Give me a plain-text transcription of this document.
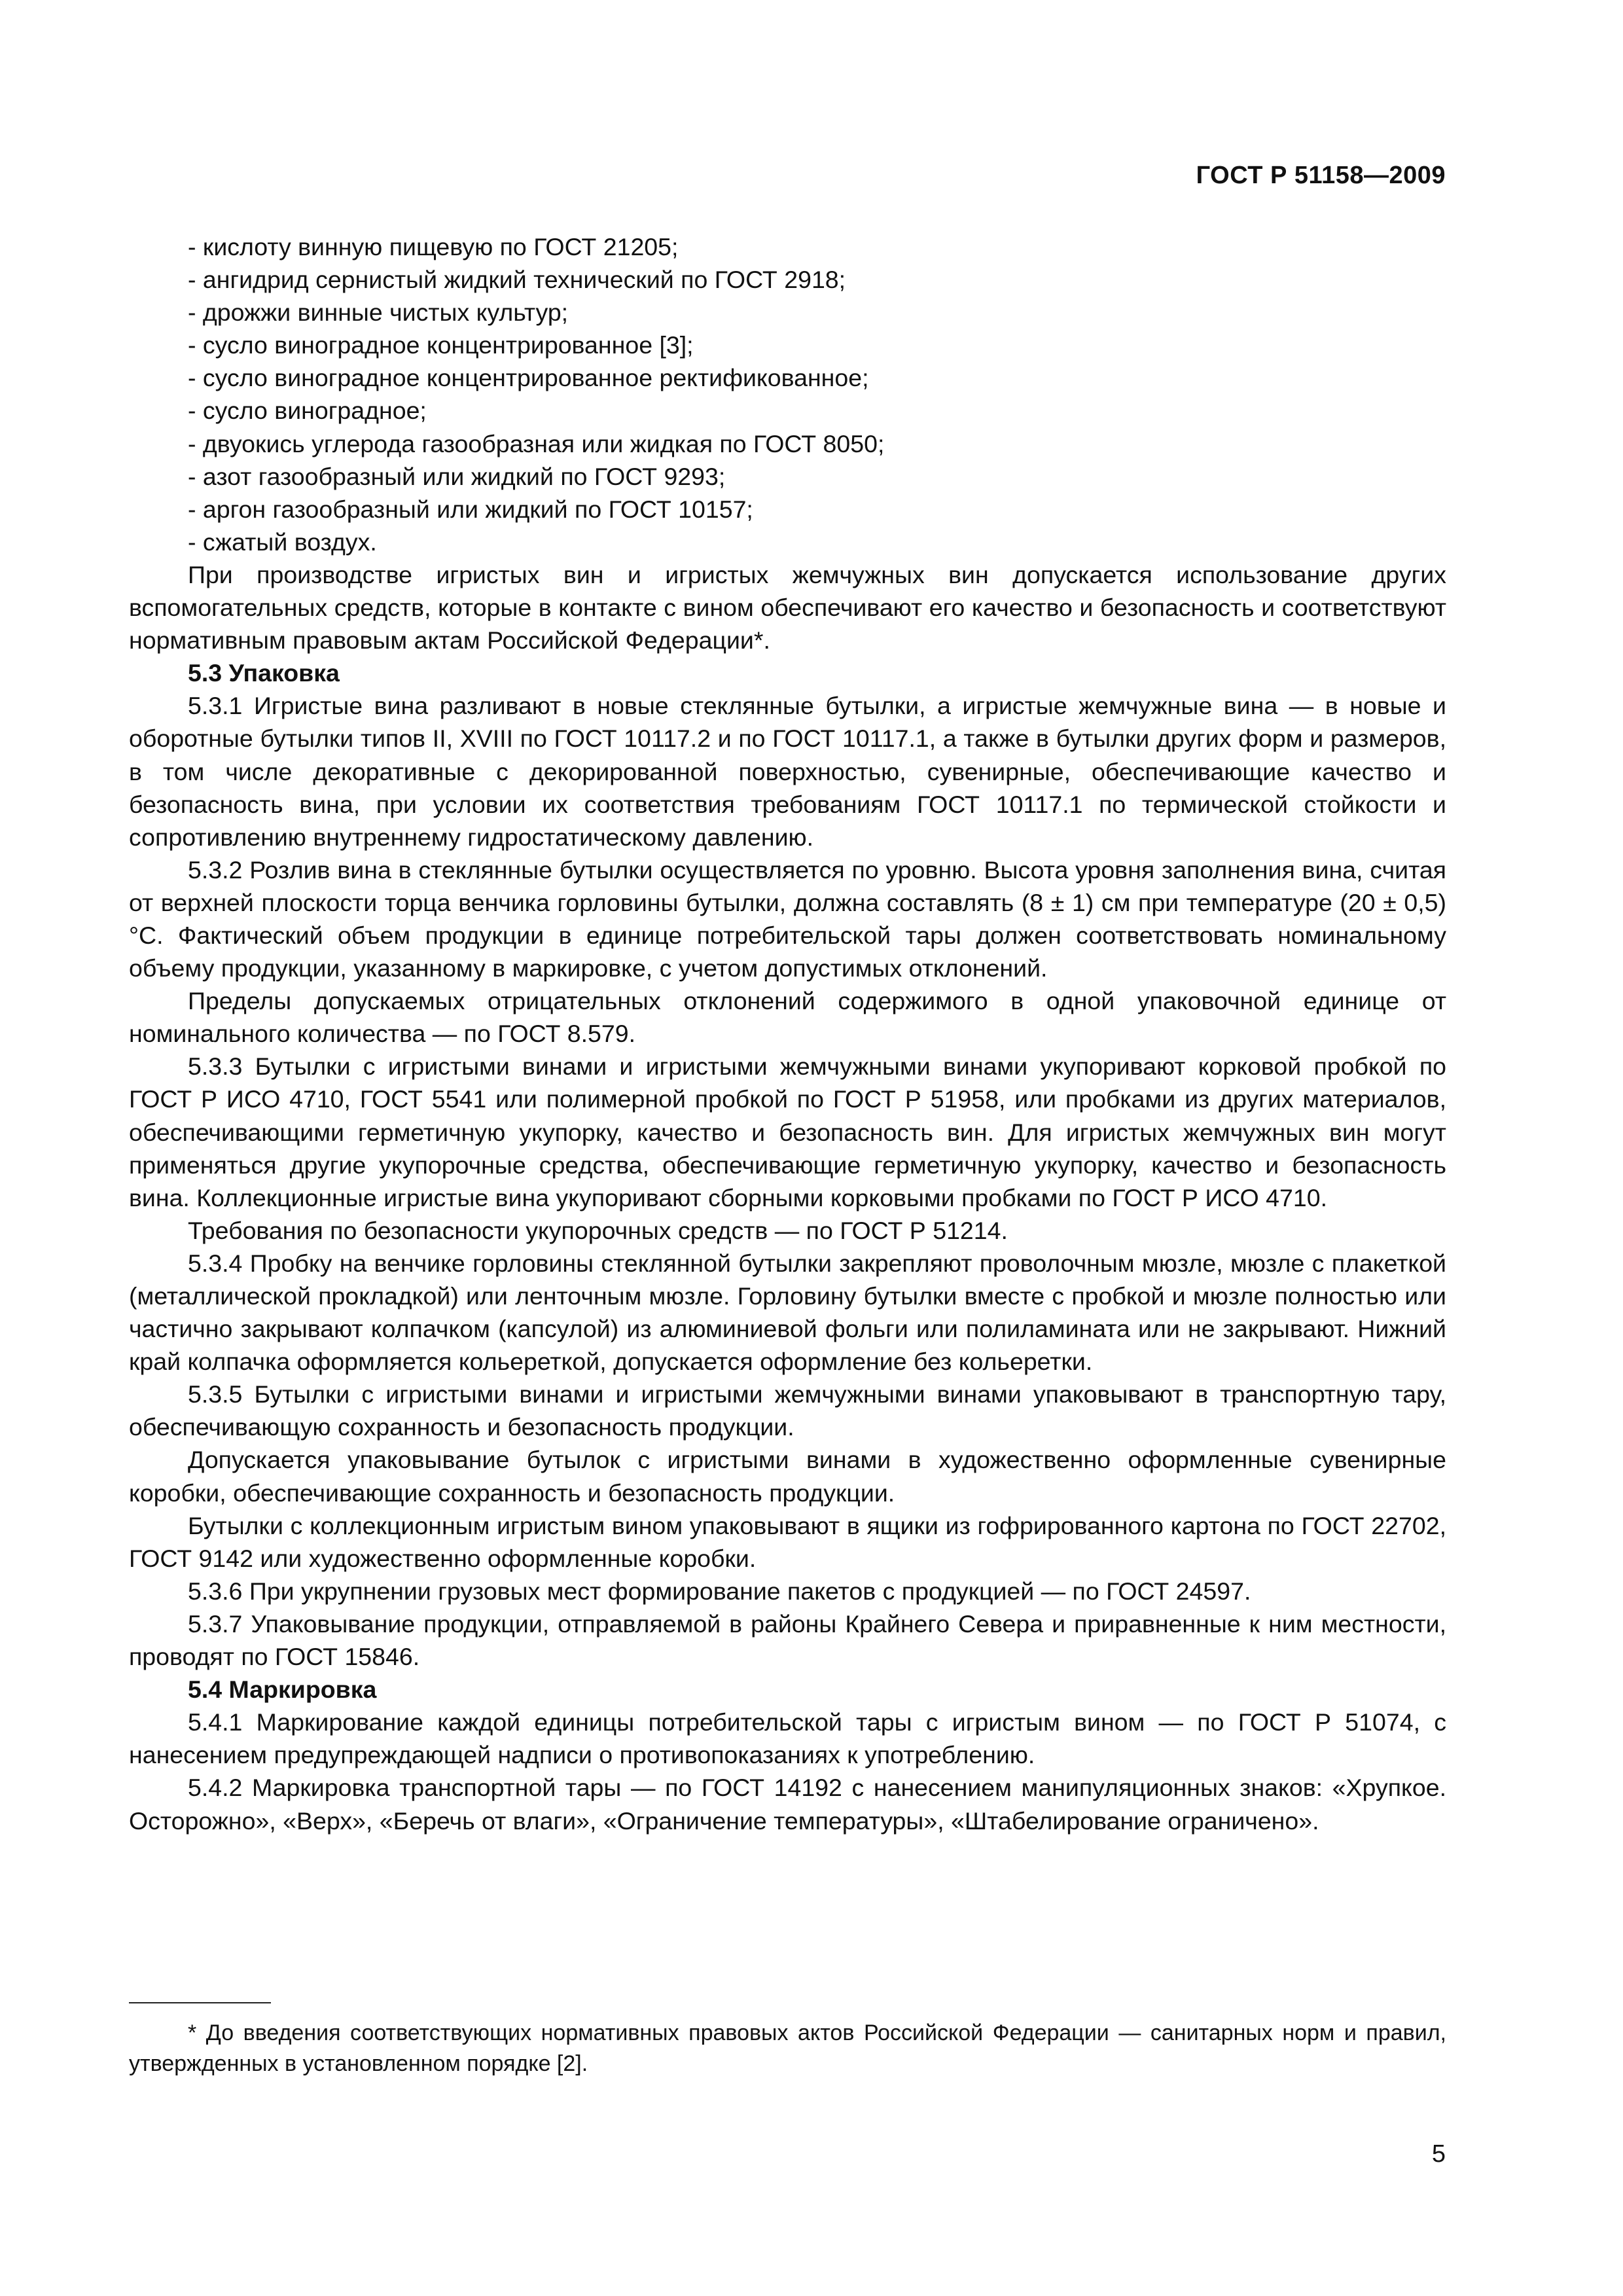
ГОСТ Р 51158—2009

- кислоту винную пищевую по ГОСТ 21205;

- ангидрид сернистый жидкий технический по ГОСТ 2918;

- дрожжи винные чистых культур;

- сусло виноградное концентрированное [3];

- сусло виноградное концентрированное ректификованное;

- сусло виноградное;

- двуокись углерода газообразная или жидкая по ГОСТ 8050;

- азот газообразный или жидкий по ГОСТ 9293;

- аргон газообразный или жидкий по ГОСТ 10157;

- сжатый воздух.

При производстве игристых вин и игристых жемчужных вин допускается использование других вспомогательных средств, которые в контакте с вином обеспечивают его качество и безопасность и соответствуют нормативным правовым актам Российской Федерации*.

5.3 Упаковка

5.3.1 Игристые вина разливают в новые стеклянные бутылки, а игристые жемчужные вина — в новые и оборотные бутылки типов II, XVIII по ГОСТ 10117.2 и по ГОСТ 10117.1, а также в бутылки других форм и размеров, в том числе декоративные с декорированной поверхностью, сувенирные, обеспечивающие качество и безопасность вина, при условии их соответствия требованиям ГОСТ 10117.1 по термической стойкости и сопротивлению внутреннему гидростатическому давлению.

5.3.2 Розлив вина в стеклянные бутылки осуществляется по уровню. Высота уровня заполнения вина, считая от верхней плоскости торца венчика горловины бутылки, должна составлять (8 ± 1) см при температуре (20 ± 0,5) °С. Фактический объем продукции в единице потребительской тары должен соответствовать номинальному объему продукции, указанному в маркировке, с учетом допустимых отклонений.

Пределы допускаемых отрицательных отклонений содержимого в одной упаковочной единице от номинального количества — по ГОСТ 8.579.

5.3.3 Бутылки с игристыми винами и игристыми жемчужными винами укупоривают корковой пробкой по ГОСТ Р ИСО 4710, ГОСТ 5541 или полимерной пробкой по ГОСТ Р 51958, или пробками из других материалов, обеспечивающими герметичную укупорку, качество и безопасность вин. Для игристых жемчужных вин могут применяться другие укупорочные средства, обеспечивающие герметичную укупорку, качество и безопасность вина. Коллекционные игристые вина укупоривают сборными корковыми пробками по ГОСТ Р ИСО 4710.

Требования по безопасности укупорочных средств — по ГОСТ Р 51214.

5.3.4 Пробку на венчике горловины стеклянной бутылки закрепляют проволочным мюзле, мюзле с плакеткой (металлической прокладкой) или ленточным мюзле. Горловину бутылки вместе с пробкой и мюзле полностью или частично закрывают колпачком (капсулой) из алюминиевой фольги или полиламината или не закрывают. Нижний край колпачка оформляется кольереткой, допускается оформление без кольеретки.

5.3.5 Бутылки с игристыми винами и игристыми жемчужными винами упаковывают в транспортную тару, обеспечивающую сохранность и безопасность продукции.

Допускается упаковывание бутылок с игристыми винами в художественно оформленные сувенирные коробки, обеспечивающие сохранность и безопасность продукции.

Бутылки с коллекционным игристым вином упаковывают в ящики из гофрированного картона по ГОСТ 22702, ГОСТ 9142 или художественно оформленные коробки.

5.3.6 При укрупнении грузовых мест формирование пакетов с продукцией — по ГОСТ 24597.

5.3.7 Упаковывание продукции, отправляемой в районы Крайнего Севера и приравненные к ним местности, проводят по ГОСТ 15846.

5.4 Маркировка

5.4.1 Маркирование каждой единицы потребительской тары с игристым вином — по ГОСТ Р 51074, с нанесением предупреждающей надписи о противопоказаниях к употреблению.

5.4.2 Маркировка транспортной тары — по ГОСТ 14192 с нанесением манипуляционных знаков: «Хрупкое. Осторожно», «Верх», «Беречь от влаги», «Ограничение температуры», «Штабелирование ограничено».

* До введения соответствующих нормативных правовых актов Российской Федерации — санитарных норм и правил, утвержденных в установленном порядке [2].

5
